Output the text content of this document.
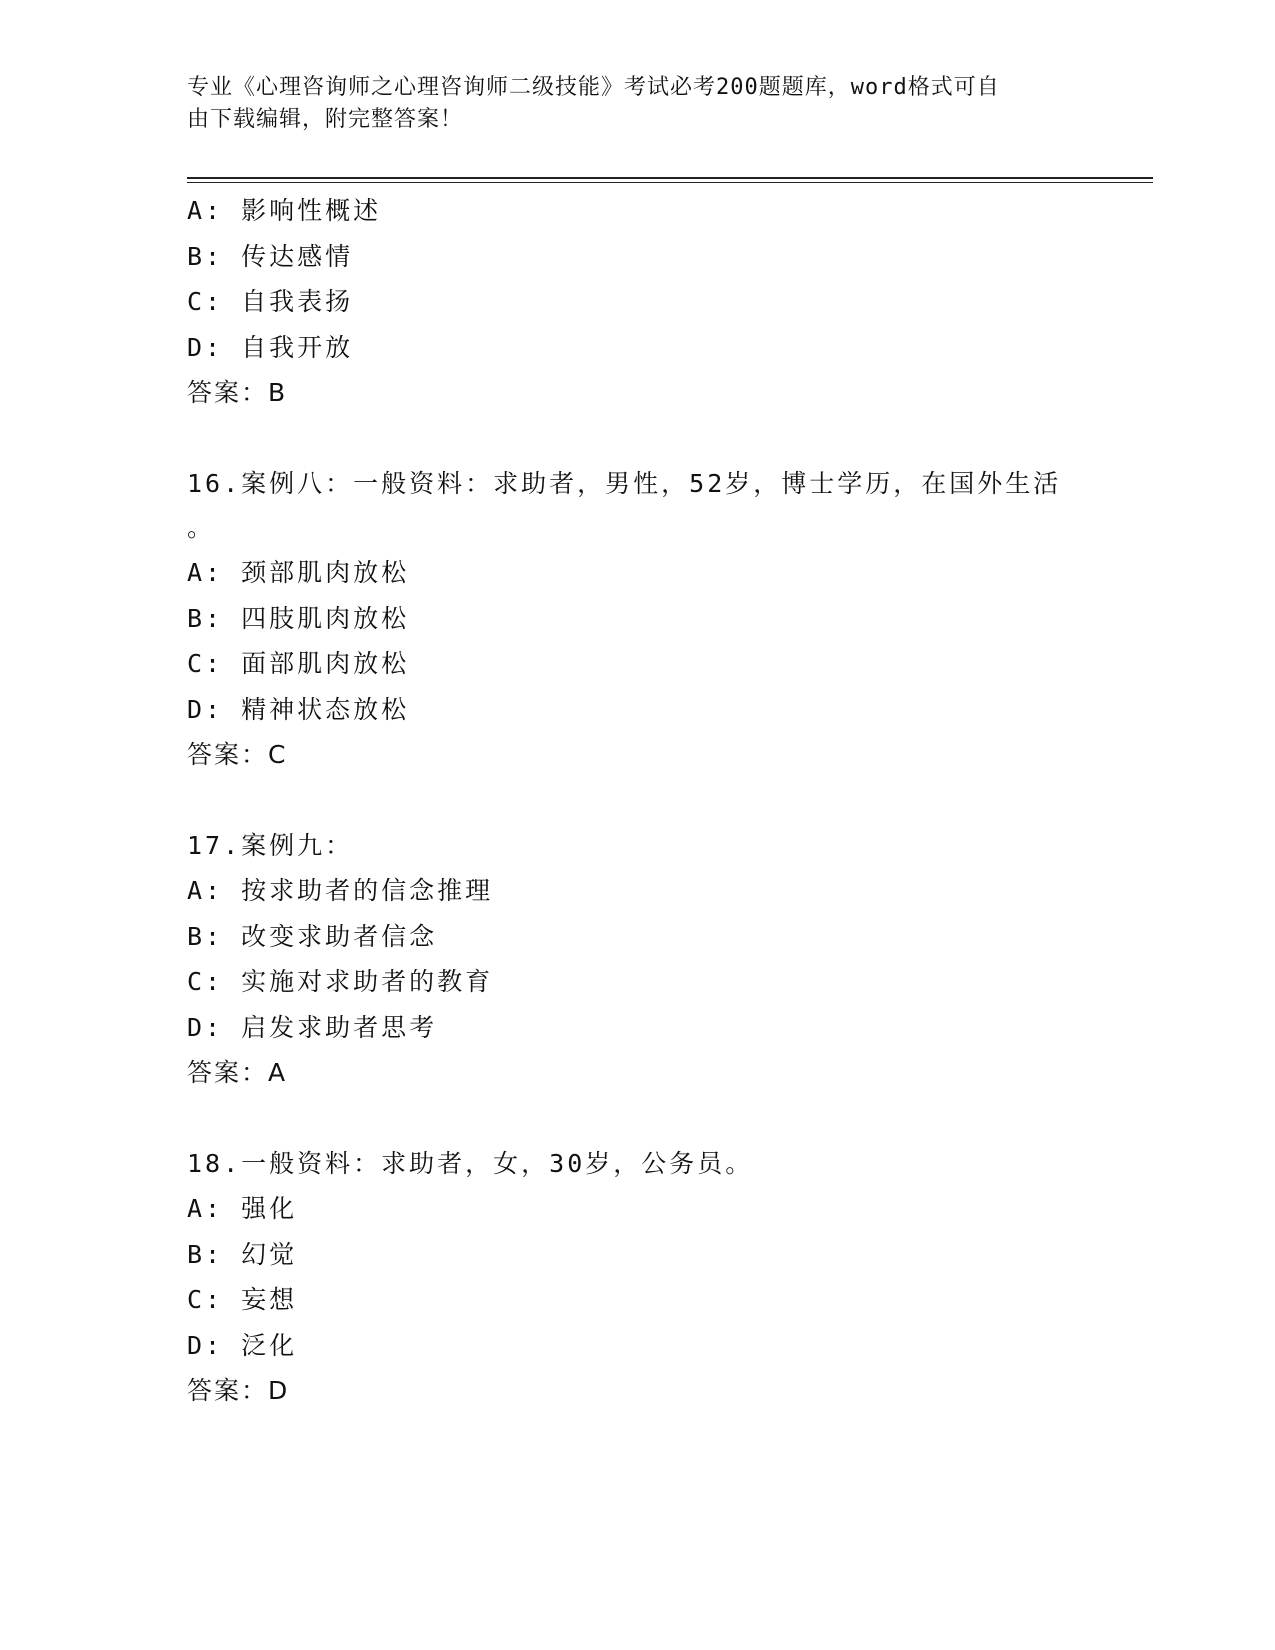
专业《心理咨询师之心理咨询师二级技能》考试必考200题题库，word格式可自
由下载编辑，附完整答案！
A: 影响性概述
B: 传达感情
C: 自我表扬
D: 自我开放
答案：B
16.案例八：一般资料：求助者，男性，52岁，博士学历，在国外生活
。
A: 颈部肌肉放松
B: 四肢肌肉放松
C: 面部肌肉放松
D: 精神状态放松
答案：C
17.案例九：
A: 按求助者的信念推理
B: 改变求助者信念
C: 实施对求助者的教育
D: 启发求助者思考
答案：A
18.一般资料：求助者，女，30岁，公务员。
A: 强化
B: 幻觉
C: 妄想
D: 泛化
答案：D
